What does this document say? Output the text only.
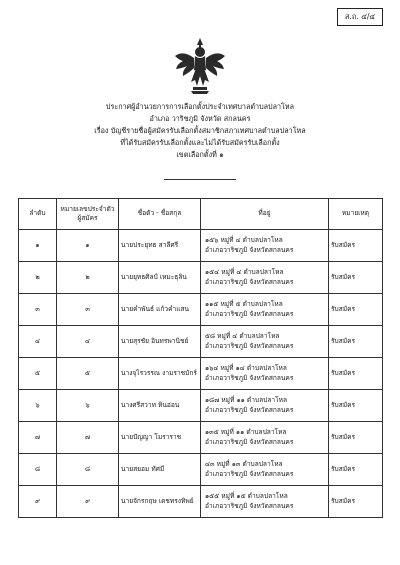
ส.ถ. ๔/๔
ประกาศผู้อำนวยการการเลือกตั้งประจำเทศบาลตำบลปลาโหล
อำเภอ วาริชภูมิ จังหวัด สกลนคร
เรื่อง บัญชีรายชื่อผู้สมัครรับเลือกตั้งสมาชิกสภาเทศบาลตำบลปลาโหล
ที่ได้รับสมัครรับเลือกตั้งและไม่ได้รับสมัครรับเลือกตั้ง
เขตเลือกตั้งที่ ๑
ลำดับ	หมายเลขประจำตัว
ผู้สมัคร	ชื่อตัว - ชื่อสกุล	ที่อยู่	หมายเหตุ
๑	๑	นายประยุทธ สาลีศรี	๑๕๖ หมู่ที่ ๔ ตำบลปลาโหล
อำเภอวาริชภูมิ จังหวัดสกลนคร	รับสมัคร
๒	๒	นายยุทธศิลป์ เหมะธุลิน	๑๕๔ หมู่ที่ ๔ ตำบลปลาโหล
อำเภอวาริชภูมิ จังหวัดสกลนคร	รับสมัคร
๓	๓	นายคำพันธ์ แก้วคำแสน	๑๑๕ หมู่ที่ ๕ ตำบลปลาโหล
อำเภอวาริชภูมิ จังหวัดสกลนคร	รับสมัคร
๔	๔	นายสุรชัย อินทรพานิชย์	๕๘ หมู่ที่ ๔ ตำบลปลาโหล
อำเภอวาริชภูมิ จังหวัดสกลนคร	รับสมัคร
๕	๕	นางจุไรวรรณ งามราชบักร์	๑๖๔ หมู่ที่ ๑๔ ตำบลปลาโหล
อำเภอวาริชภูมิ จังหวัดสกลนคร	รับสมัคร
๖	๖	นางศรีสวาท หินอ่อน	๑๘๗ หมู่ที่ ๑๑ ตำบลปลาโหล
อำเภอวาริชภูมิ จังหวัดสกลนคร	รับสมัคร
๗	๗	นายปัญญา โมราราช	๑๓๕ หมู่ที่ ๑๑ ตำบลปลาโหล
อำเภอวาริชภูมิ จังหวัดสกลนคร	รับสมัคร
๘	๘	นายสยอม ทัศมี	๔๓ หมู่ที่ ๑๓ ตำบลปลาโหล
อำเภอวาริชภูมิ จังหวัดสกลนคร	รับสมัคร
๙	๙	นายจักรกฤษ เดชทรงทิพย์	๑๕๕ หมู่ที่ ๑๕ ตำบลปลาโหล
อำเภอวาริชภูมิ จังหวัดสกลนคร	รับสมัคร
